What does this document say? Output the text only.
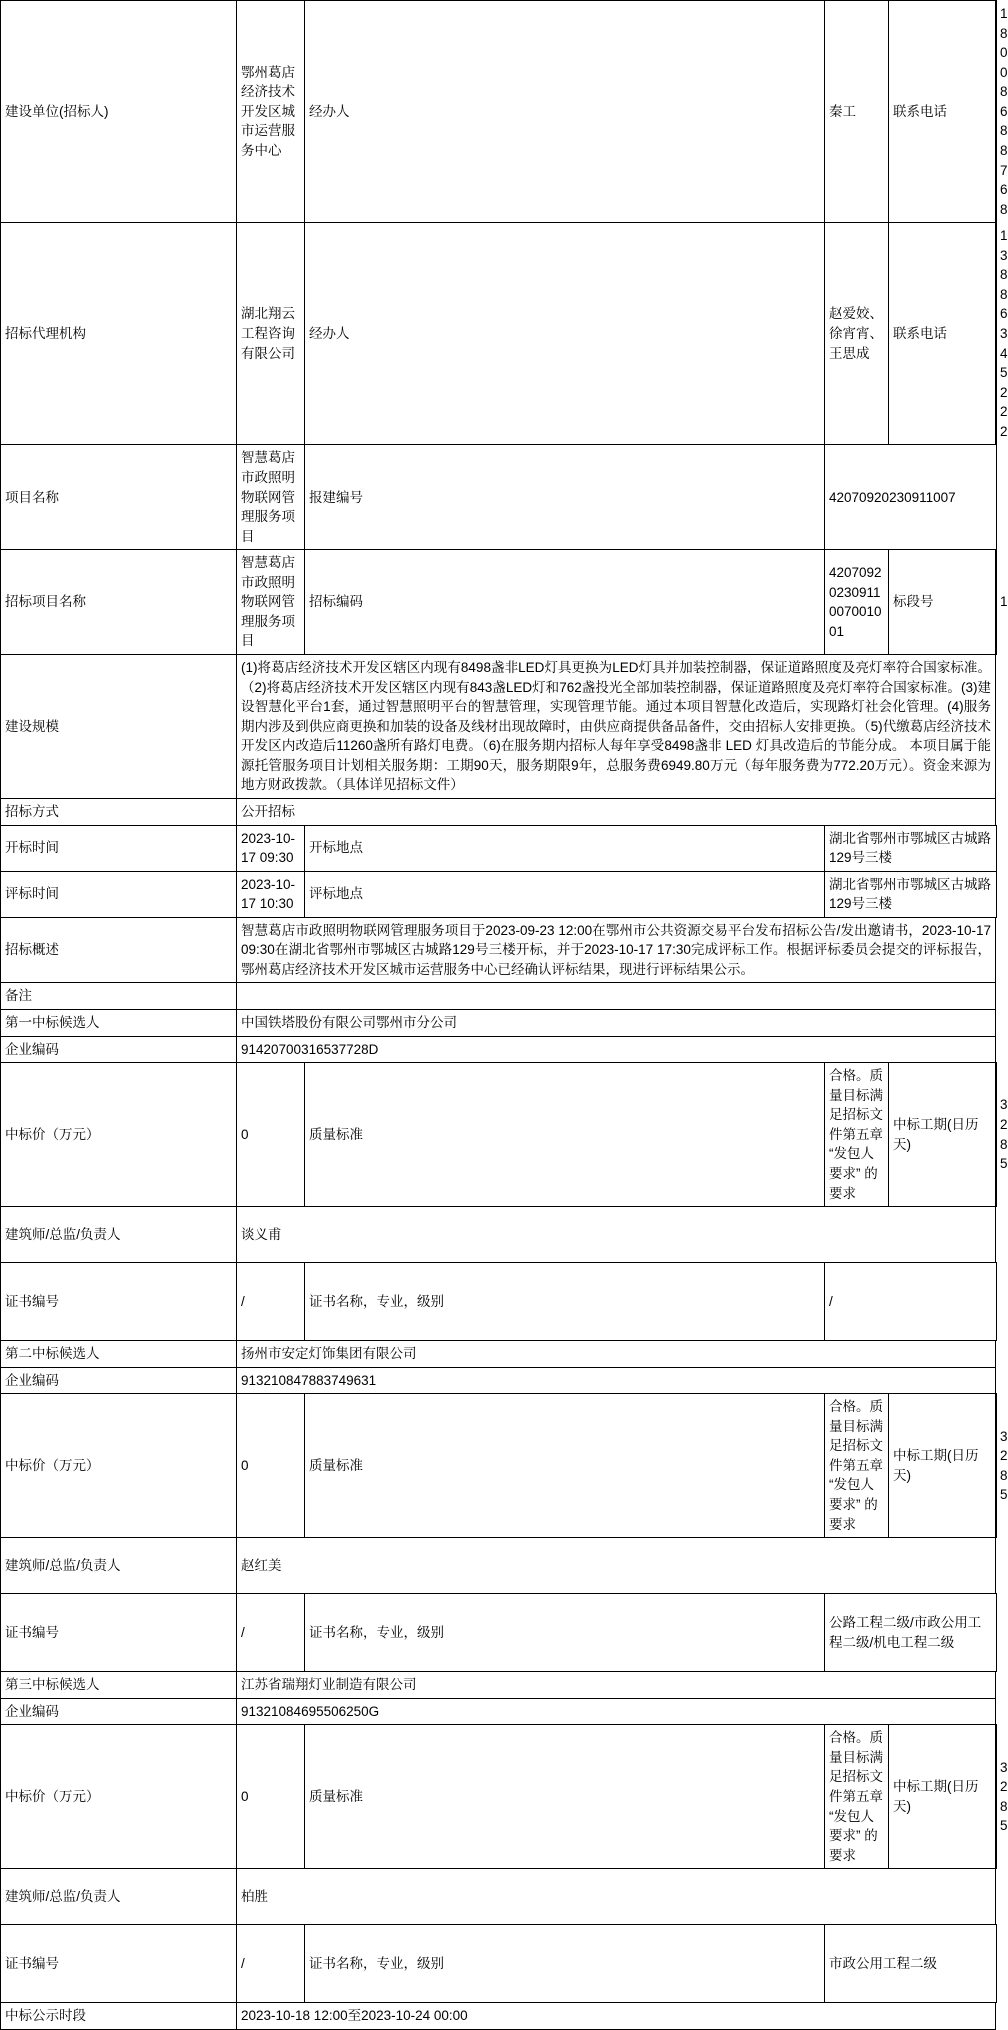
建设单位(招标人)	鄂州葛店经济技术开发区城市运营服务中心	经办人	秦工	联系电话	18008688768
招标代理机构	湖北翔云工程咨询有限公司	经办人	赵爱姣、徐宵宵、王思成	联系电话	13886345222
项目名称	智慧葛店市政照明物联网管理服务项目	报建编号	42070920230911007		
招标项目名称	智慧葛店市政照明物联网管理服务项目	招标编码	42070920230911007001001	标段号	1
建设规模	(1)将葛店经济技术开发区辖区内现有8498盏非LED灯具更换为LED灯具并加装控制器，保证道路照度及亮灯率符合国家标准。（2)将葛店经济技术开发区辖区内现有843盏LED灯和762盏投光全部加装控制器，保证道路照度及亮灯率符合国家标准。(3)建设智慧化平台1套，通过智慧照明平台的智慧管理，实现管理节能。通过本项目智慧化改造后，实现路灯社会化管理。(4)服务期内涉及到供应商更换和加装的设备及线材出现故障时，由供应商提供备品备件，交由招标人安排更换。（5)代缴葛店经济技术开发区内改造后11260盏所有路灯电费。（6)在服务期内招标人每年享受8498盏非 LED 灯具改造后的节能分成。 本项目属于能源托管服务项目计划相关服务期：工期90天，服务期限9年，总服务费6949.80万元（每年服务费为772.20万元）。资金来源为地方财政拨款。（具体详见招标文件）				
招标方式	公开招标				
开标时间	2023-10-17 09:30	开标地点	湖北省鄂州市鄂城区古城路129号三楼		
评标时间	2023-10-17 10:30	评标地点	湖北省鄂州市鄂城区古城路129号三楼		
招标概述	智慧葛店市政照明物联网管理服务项目于2023-09-23 12:00在鄂州市公共资源交易平台发布招标公告/发出邀请书，2023-10-17 09:30在湖北省鄂州市鄂城区古城路129号三楼开标，并于2023-10-17 17:30完成评标工作。根据评标委员会提交的评标报告，鄂州葛店经济技术开发区城市运营服务中心已经确认评标结果，现进行评标结果公示。				
备注					
第一中标候选人	中国铁塔股份有限公司鄂州市分公司				
企业编码	91420700316537728D				
中标价（万元）	0	质量标准	合格。质量目标满足招标文件第五章 “发包人要求” 的要求	中标工期(日历天)	3285
建筑师/总监/负责人	谈义甫				
证书编号	/	证书名称，专业，级别	/		
第二中标候选人	扬州市安定灯饰集团有限公司				
企业编码	913210847883749631				
中标价（万元）	0	质量标准	合格。质量目标满足招标文件第五章 “发包人要求” 的要求	中标工期(日历天)	3285
建筑师/总监/负责人	赵红美				
证书编号	/	证书名称，专业，级别	公路工程二级/市政公用工程二级/机电工程二级		
第三中标候选人	江苏省瑞翔灯业制造有限公司				
企业编码	91321084695506250G				
中标价（万元）	0	质量标准	合格。质量目标满足招标文件第五章 “发包人要求” 的要求	中标工期(日历天)	3285
建筑师/总监/负责人	柏胜				
证书编号	/	证书名称，专业，级别	市政公用工程二级		
中标公示时段	2023-10-18 12:00至2023-10-24 00:00				
